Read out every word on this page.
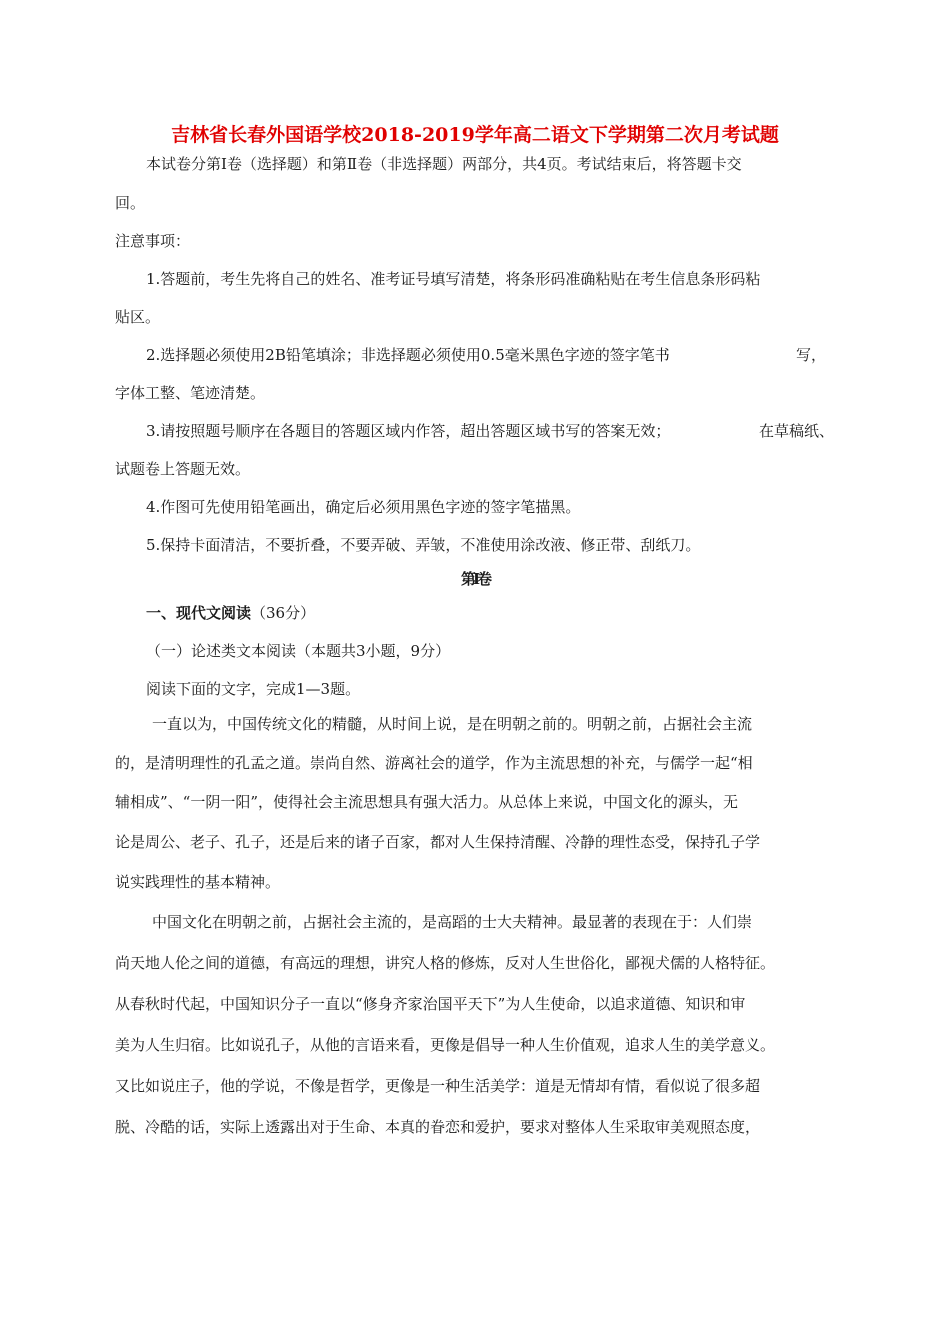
吉林省长春外国语学校2018-2019学年高二语文下学期第二次月考试题

本试卷分第Ⅰ卷（选择题）和第Ⅱ卷（非选择题）两部分，共4页。考试结束后，将答题卡交

回。

注意事项：

1.答题前，考生先将自己的姓名、准考证号填写清楚，将条形码准确粘贴在考生信息条形码粘

贴区。

2.选择题必须使用2B铅笔填涂；非选择题必须使用0.5毫米黑色字迹的签字笔书	写，

字体工整、笔迹清楚。

3.请按照题号顺序在各题目的答题区域内作答，超出答题区域书写的答案无效；	在草稿纸、

试题卷上答题无效。

4.作图可先使用铅笔画出，确定后必须用黑色字迹的签字笔描黑。

5.保持卡面清洁，不要折叠，不要弄破、弄皱，不准使用涂改液、修正带、刮纸刀。

第Ⅰ卷

一、现代文阅读（36分）

（一）论述类文本阅读（本题共3小题，9分）

阅读下面的文字，完成1—3题。

一直以为，中国传统文化的精髓，从时间上说，是在明朝之前的。明朝之前，占据社会主流

的，是清明理性的孔孟之道。崇尚自然、游离社会的道学，作为主流思想的补充，与儒学一起“相

辅相成”、“一阴一阳”，使得社会主流思想具有强大活力。从总体上来说，中国文化的源头，无

论是周公、老子、孔子，还是后来的诸子百家，都对人生保持清醒、冷静的理性态受，保持孔子学

说实践理性的基本精神。

中国文化在明朝之前，占据社会主流的，是高蹈的士大夫精神。最显著的表现在于：人们崇

尚天地人伦之间的道德，有高远的理想，讲究人格的修炼，反对人生世俗化，鄙视犬儒的人格特征。

从春秋时代起，中国知识分子一直以“修身齐家治国平天下”为人生使命，以追求道德、知识和审

美为人生归宿。比如说孔子，从他的言语来看，更像是倡导一种人生价值观，追求人生的美学意义。

又比如说庄子，他的学说，不像是哲学，更像是一种生活美学：道是无情却有情，看似说了很多超

脱、冷酷的话，实际上透露出对于生命、本真的眷恋和爱护，要求对整体人生采取审美观照态度，
